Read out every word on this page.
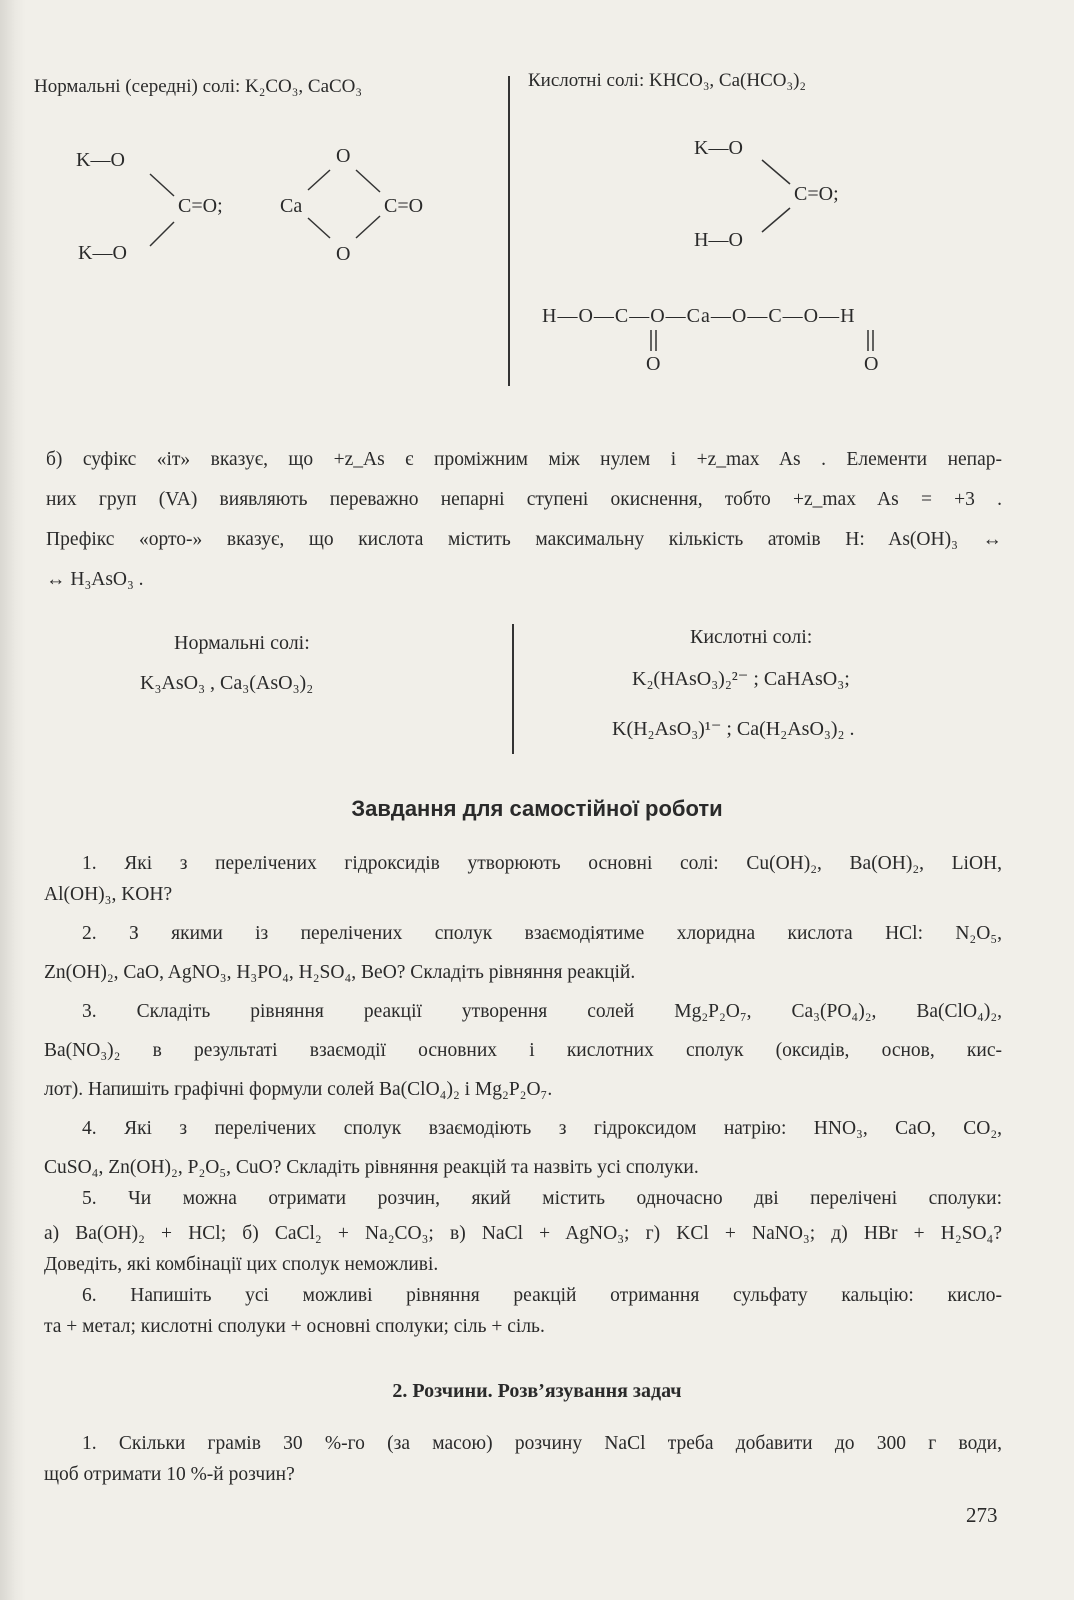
Нормальні (середні) солі: K₂CO₃, CaCO₃	Кислотні солі: KHCO₃, Ca(HCO₃)₂
K—O
K—O
C=O;
O
Ca
O
C=O
K—O
H—O
C=O;
H—O—C—O—Ca—O—C—O—H
O	O
б) суфікс «іт» вказує, що +z_As є проміжним між нулем і +z_max As . Елементи непар-
них груп (VA) виявляють переважно непарні ступені окиснення, тобто +z_max As = +3 .
Префікс «орто-» вказує, що кислота містить максимальну кількість атомів H: As(OH)₃ ↔
↔ H₃AsO₃ .
Нормальні солі:
K₃AsO₃ , Ca₃(AsO₃)₂
Кислотні солі:
K₂(HAsO₃)₂²⁻ ; CaHAsO₃;
K(H₂AsO₃)¹⁻ ; Ca(H₂AsO₃)₂ .
Завдання для самостійної роботи
1. Які з перелічених гідроксидів утворюють основні солі: Cu(OH)₂, Ba(OH)₂, LiOH,
Al(OH)₃, KOH?
2. З якими із перелічених сполук взаємодіятиме хлоридна кислота HCl: N₂O₅,
Zn(OH)₂, CaO, AgNO₃, H₃PO₄, H₂SO₄, BeO? Складіть рівняння реакцій.
3. Складіть рівняння реакції утворення солей Mg₂P₂O₇, Ca₃(PO₄)₂, Ba(ClO₄)₂,
Ba(NO₃)₂ в результаті взаємодії основних і кислотних сполук (оксидів, основ, кис-
лот). Напишіть графічні формули солей Ba(ClO₄)₂ і Mg₂P₂O₇.
4. Які з перелічених сполук взаємодіють з гідроксидом натрію: HNO₃, CaO, CO₂,
CuSO₄, Zn(OH)₂, P₂O₅, CuO? Складіть рівняння реакцій та назвіть усі сполуки.
5. Чи можна отримати розчин, який містить одночасно дві перелічені сполуки:
а) Ba(OH)₂ + HCl; б) CaCl₂ + Na₂CO₃; в) NaCl + AgNO₃; г) KCl + NaNO₃; д) HBr + H₂SO₄?
Доведіть, які комбінації цих сполук неможливі.
6. Напишіть усі можливі рівняння реакцій отримання сульфату кальцію: кисло-
та + метал; кислотні сполуки + основні сполуки; сіль + сіль.
2. Розчини. Розв’язування задач
1. Скільки грамів 30 %-го (за масою) розчину NaCl треба добавити до 300 г води,
щоб отримати 10 %-й розчин?
273
